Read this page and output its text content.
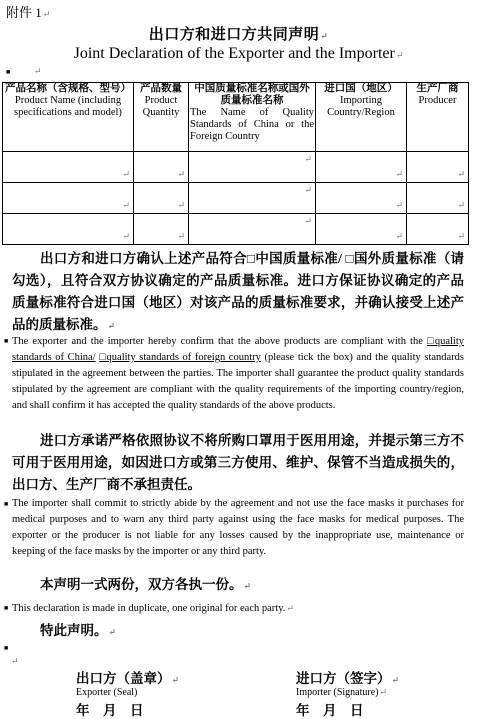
附件 1↵
出口方和进口方共同声明↵
Joint Declaration of the Exporter and the Importer↵
■	↵
产品名称（含规格、型号）
Product Name (including specifications and model)	产品数量
Product Quantity	中国质量标准名称或国外质量标准名称
The Name of Quality Standards of China or the Foreign Country	进口国（地区）
Importing Country/Region	生产厂商
Producer

↵	↵	↵	↵	↵

↵	↵	↵	↵	↵

↵	↵	↵	↵	↵
出口方和进口方确认上述产品符合□中国质量标准/ □国外质量标准（请勾选），且符合双方协议确定的产品质量标准。进口方保证协议确定的产品质量标准符合进口国（地区）对该产品的质量标准要求，并确认接受上述产品的质量标准。↵
■ The exporter and the importer hereby confirm that the above products are compliant with the □quality standards of China/ □quality standards of foreign country (please tick the box) and the quality standards stipulated in the agreement between the parties. The importer shall guarantee the product quality standards stipulated by the agreement are compliant with the quality requirements of the importing country/region, and shall confirm it has accepted the quality standards of the above products.
进口方承诺严格依照协议不将所购口罩用于医用用途，并提示第三方不可用于医用用途，如因进口方或第三方使用、维护、保管不当造成损失的，出口方、生产厂商不承担责任。
■ The importer shall commit to strictly abide by the agreement and not use the face masks it purchases for medical purposes and to warn any third party against using the face masks for medical purposes. The exporter or the producer is not liable for any losses caused by the inappropriate use, maintenance or keeping of the face masks by the importer or any third party.
本声明一式两份，双方各执一份。↵
■ This declaration is made in duplicate, one original for each party.↵
特此声明。↵
■
↵
出口方（盖章）↵
Exporter (Seal)
年　月　日
进口方（签字）↵
Importer (Signature)↵
年　月　日
